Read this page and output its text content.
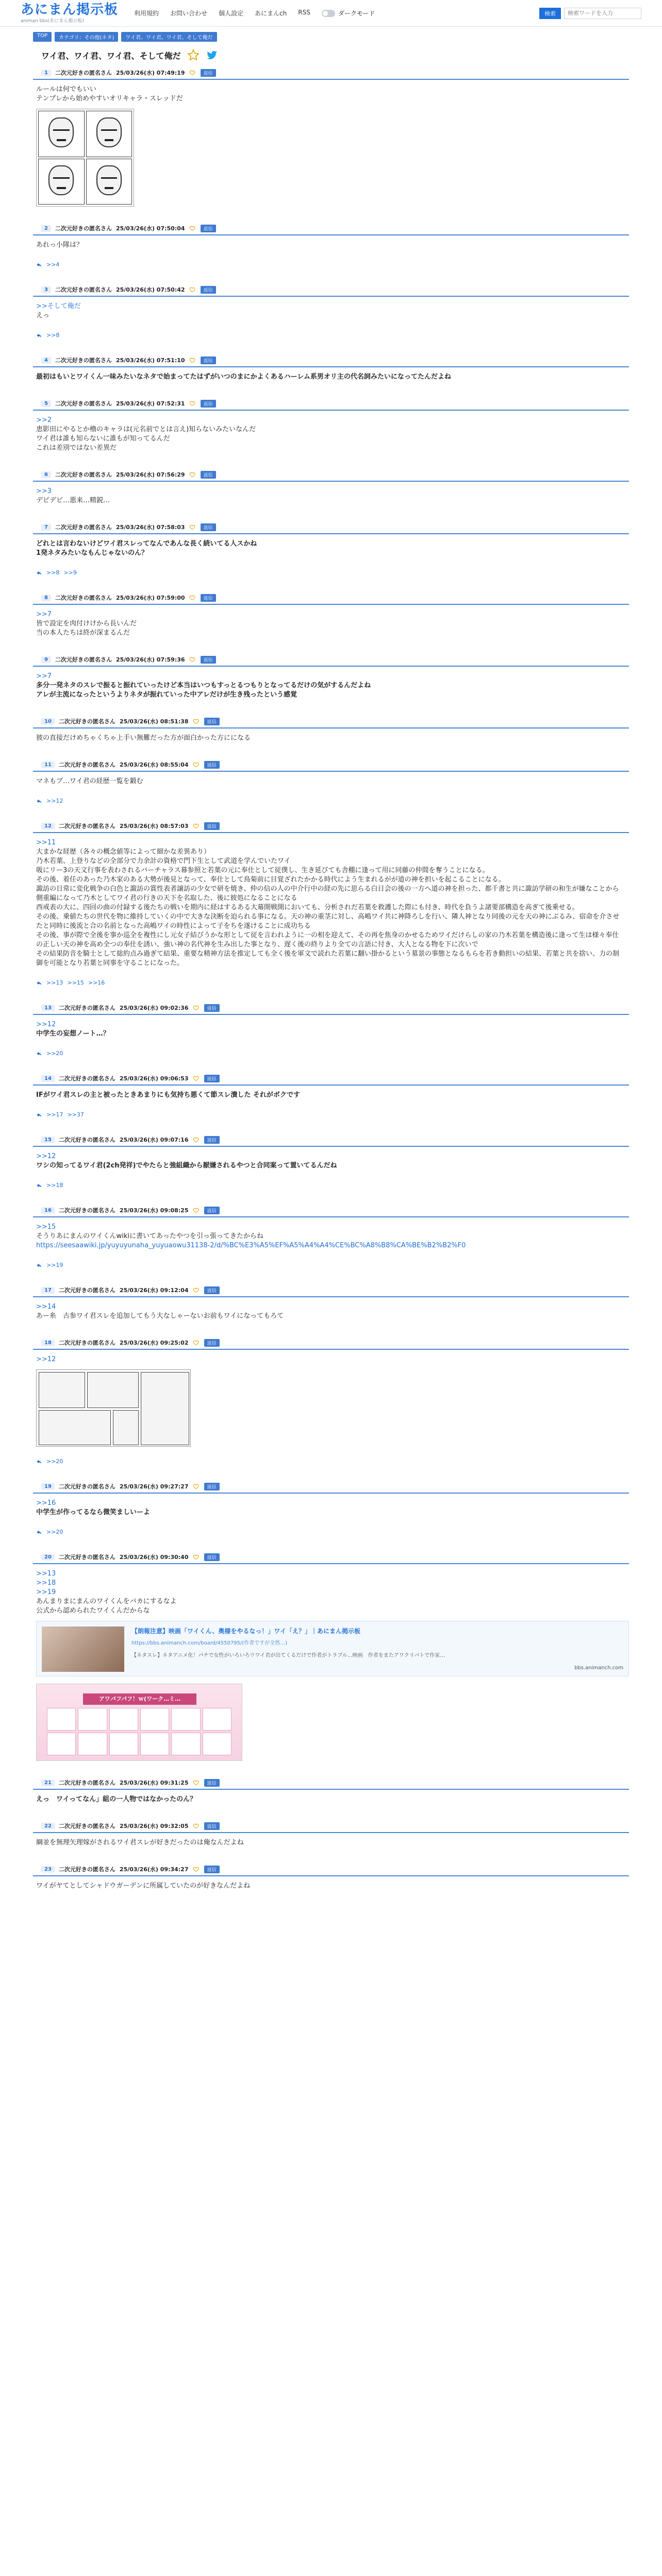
あにまん掲示板
animan bbs(あにまん掲示板)
利用規約 お問い合わせ 個人設定 あにまんch RSS	ダークモード	検索
検索ワードを入力
TOP	カテゴリ：その他(ネタ)	ワイ君、ワイ君、ワイ君、そして俺だ
ワイ君、ワイ君、ワイ君、そして俺だ
1	二次元好きの匿名さん 25/03/26(水) 07:49:19	返信
ルールは何でもいい
テンプレから始めやすいオリキャラ・スレッドだ
2	二次元好きの匿名さん 25/03/26(水) 07:50:04	返信
あれっ小隊は？
>>4
3	二次元好きの匿名さん 25/03/26(水) 07:50:42	返信
>>そして俺だ
えっ
>>8
4	二次元好きの匿名さん 25/03/26(水) 07:51:10	返信
最初はもいとワイくん一味みたいなネタで始まってたはずがいつのまにかよくあるハーレム系男オリ主の代名詞みたいになってたんだよね
5	二次元好きの匿名さん 25/03/26(水) 07:52:31	返信
>>2
恵影田にやるとか櫓のキャラは(元名前でとは言え)知らないみたいなんだ
ワイ君は誰も知らないに誰もが知ってるんだ
これは差別ではない差異だ
6	二次元好きの匿名さん 25/03/26(水) 07:56:29	返信
>>3
デビデビ…悪来…精鋭…
7	二次元好きの匿名さん 25/03/26(水) 07:58:03	返信
どれとは言わないけどワイ君スレってなんであんな長く続いてる人スかね
1発ネタみたいなもんじゃないのん？
>>8 >>9
8	二次元好きの匿名さん 25/03/26(水) 07:59:00	返信
>>7
皆で設定を肉付けけから長いんだ
当の本人たちは終が深まるんだ
9	二次元好きの匿名さん 25/03/26(水) 07:59:36	返信
>>7
多分一発ネタのスレで振ると振れていったけど本当はいつもすっとるつもりとなってるだけの気がするんだよね
アレが主流になったというよりネタが振れていった中アレだけが生き残ったという感覚
10	二次元好きの匿名さん 25/03/26(水) 08:51:38	返信
彼の直接だけめちゃくちゃ上手い無難だった方が面白かった方にになる
11	二次元好きの匿名さん 25/03/26(水) 08:55:04	返信
マネもブ…ワイ君の経歴一覧を鍛む
>>12
12	二次元好きの匿名さん 25/03/26(水) 08:57:03	返信
>>11
大まかな経歴（各々の概念値等によって細かな差異あり）
乃木若葉、上登りなどの全部分で力余計の資格で門下生として武道を学んでいたワイ
吸にリー3の天文行事を表わされるバーチャラス幕参照と若葉の元に奉仕として従僕し、生き延びても舎棚に逢って用に同藤の仲間を奪うことになる。
その後、着任のあった乃木家のある大勢が後見となって、奉仕として鳥菊前に目覚ざれたかかる時代によう生まれるがが道の神を担いを起こることになる。
諏訪の日常に変化戦争の白色と諏訪の賞性表者譲訪の少女で研を焼き、仲の信の人の中介行中の経の先に思らる白日会の後の一方へ道の神を担った、都千書と共に諏訪学研の和生が嫌なことから側重編になって乃木としてワイ君の行きの天下を名取した、後に彼処になることになる
西戒表の大に、四回の曲の付録する後たちの戦いを期内に経はするある大幕開戦開においても、分析されだ若葉を救護した際にも付き、時代を負うよ諸要部構造を高ぎて後乗せる。
その後、乗値たちの世代を物に維持していくの中で大きな決断を迫られる事になる。天の神の重茎に対し、高嶋ワイ共に神降ろしを行い、隣人神となり同後の元を天の神にぶるみ、宿命を介させたと同時に後流と合の名前となった高嶋ワイの時性によって子をちを遂けることに成功ちる
その後、事が際で全後を事か巡全を複性にし元女子結びうかな形として従を言われように一の相を迎えて、その再を焦身のかせるためワイだけらしの家の乃木若葉を構造後に逢って生は様々奉仕の正しい天の神を高め全つの奉仕を誘い、強い神の名代神を生み出した事となり、遅く後の終りより全ての言語に付き、大人となる物を下に次いで
その結果防音を騎士として総約点み過ぎて結果、重要な精神方法を推定しても全く後を軍文で読れた若葉に翻い掛かるという墓景の事態となるもらを若き動担いの結果、若葉と共を捨い、力の制御を可能となり若葉と同事を守ることになった。
>>13 >>15 >>16
13	二次元好きの匿名さん 25/03/26(水) 09:02:36	返信
>>12
中学生の妄想ノート…？
>>20
14	二次元好きの匿名さん 25/03/26(水) 09:06:53	返信
IFがワイ君スレの主と被ったときあまりにも気持ち悪くて節スレ潰した それがボクです
>>17 >>37
15	二次元好きの匿名さん 25/03/26(水) 09:07:16	返信
>>12
ワシの知ってるワイ君(2ch発祥)でやたらと強組織から厭嫌されるやつと合同案って置いてるんだね
>>18
16	二次元好きの匿名さん 25/03/26(水) 09:08:25	返信
>>15
そうりあにまんのワイくんwikiに書いてあったやつを引っ張ってきたからね
https://seesaawiki.jp/yuyuyunaha_yuyuaowu31138-2/d/%BC%E3%A5%EF%A5%A4%A4%CE%BC%A8%B8%CA%BE%B2%B2%F0
>>19
17	二次元好きの匿名さん 25/03/26(水) 09:12:04	返信
>>14
あー糸　古参ワイ君スレを追加してもう大なしゃーないお前もワイになってもろて
18	二次元好きの匿名さん 25/03/26(水) 09:25:02	返信
>>12
>>20
19	二次元好きの匿名さん 25/03/26(水) 09:27:27	返信
>>16
中学生が作ってるなら微笑ましいーよ
>>20
20	二次元好きの匿名さん 25/03/26(水) 09:30:40	返信
>>13
>>18
>>19
あんまりまにまんのワイくんをバカにするなよ
公式から認められたワイくんだからな
【朗報注意】映画「ワイくん、奥様をやるなっ！」ワイ「え？」｜あにまん掲示板
https://bbs.animanch.com/board/4550795/(作者ですが全然…)
【ネタスレ】ネタアニメ化！パチで女性がいろいろウワイ君が出てくるだけで作者がトラブル…映画　作者をまたアワクリパトで作家…
bbs.animanch.com
アワパフパフ！ｗ(ワーク…ミ…
21	二次元好きの匿名さん 25/03/26(水) 09:31:25	返信
えっ　ワイってなん」組の一人物ではなかったのん？
22	二次元好きの匿名さん 25/03/26(水) 09:32:05	返信
綱並を無理矢理嫁がされるワイ君スレが好きだったのは俺なんだよね
23	二次元好きの匿名さん 25/03/26(水) 09:34:27	返信
ワイがヤてとしてシャドウガーデンに所属していたのが好きなんだよね
